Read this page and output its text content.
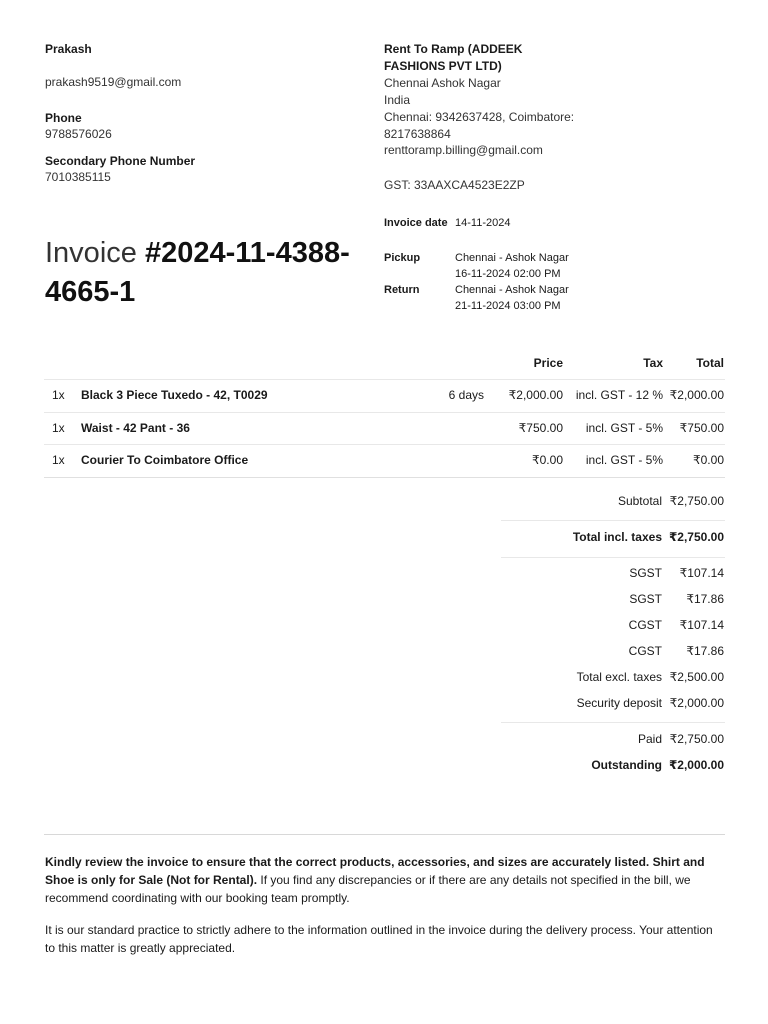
Prakash
prakash9519@gmail.com
Phone
9788576026
Secondary Phone Number
7010385115
Invoice #2024-11-4388-
4665-1
Rent To Ramp (ADDEEK
FASHIONS PVT LTD)
Chennai Ashok Nagar
India
Chennai: 9342637428, Coimbatore:
8217638864
renttoramp.billing@gmail.com
GST: 33AAXCA4523E2ZP
Invoice date 14-11-2024
Pickup	Chennai - Ashok Nagar
16-11-2024 02:00 PM
Return	Chennai - Ashok Nagar
21-11-2024 03:00 PM
Price	Tax	Total
1x Black 3 Piece Tuxedo - 42, T0029	6 days ₹2,000.00 incl. GST - 12 % ₹2,000.00
1x Waist - 42 Pant - 36	₹750.00 incl. GST - 5% ₹750.00
1x Courier To Coimbatore Office	₹0.00 incl. GST - 5%	₹0.00
Subtotal ₹2,750.00
Total incl. taxes ₹2,750.00
SGST ₹107.14
SGST ₹17.86
CGST ₹107.14
CGST ₹17.86
Total excl. taxes ₹2,500.00
Security deposit ₹2,000.00
Paid ₹2,750.00
Outstanding ₹2,000.00
Kindly review the invoice to ensure that the correct products, accessories, and sizes are accurately listed. Shirt and Shoe is only for Sale (Not for Rental). If you find any discrepancies or if there are any details not specified in the bill, we recommend coordinating with our booking team promptly.
It is our standard practice to strictly adhere to the information outlined in the invoice during the delivery process. Your attention to this matter is greatly appreciated.
